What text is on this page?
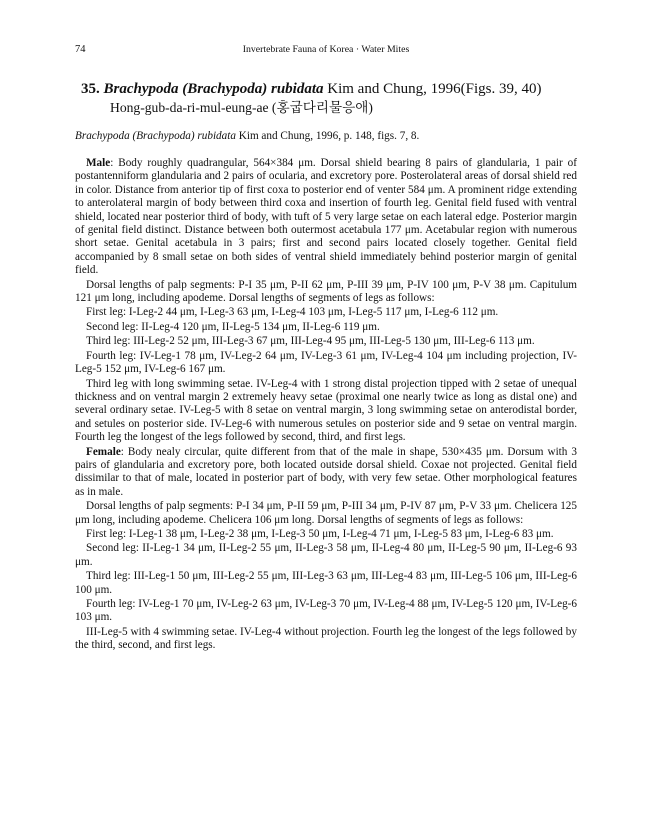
74	Invertebrate Fauna of Korea · Water Mites
35. Brachypoda (Brachypoda) rubidata Kim and Chung, 1996(Figs. 39, 40)
Hong-gub-da-ri-mul-eung-ae (홍굽다리물응애)
Brachypoda (Brachypoda) rubidata Kim and Chung, 1996, p. 148, figs. 7, 8.

Male: Body roughly quadrangular, 564×384 μm. Dorsal shield bearing 8 pairs of glandularia, 1 pair of postantenniform glandularia and 2 pairs of ocularia, and excretory pore. Posterolateral areas of dorsal shield red in color. Distance from anterior tip of first coxa to posterior end of venter 584 μm. A prominent ridge extending to anterolateral margin of body between third coxa and insertion of fourth leg. Genital field fused with ventral shield, located near posterior third of body, with tuft of 5 very large setae on each lateral edge. Posterior margin of genital field distinct. Distance between both outermost acetabula 177 μm. Acetabular region with numerous short setae. Genital acetabula in 3 pairs; first and second pairs located closely together. Genital field accompanied by 8 small setae on both sides of ventral shield immediately behind posterior margin of genital field.

Dorsal lengths of palp segments: P-I 35 μm, P-II 62 μm, P-III 39 μm, P-IV 100 μm, P-V 38 μm. Capitulum 121 μm long, including apodeme. Dorsal lengths of segments of legs as follows:

First leg: I-Leg-2 44 μm, I-Leg-3 63 μm, I-Leg-4 103 μm, I-Leg-5 117 μm, I-Leg-6 112 μm.

Second leg: II-Leg-4 120 μm, II-Leg-5 134 μm, II-Leg-6 119 μm.

Third leg: III-Leg-2 52 μm, III-Leg-3 67 μm, III-Leg-4 95 μm, III-Leg-5 130 μm, III-Leg-6 113 μm.

Fourth leg: IV-Leg-1 78 μm, IV-Leg-2 64 μm, IV-Leg-3 61 μm, IV-Leg-4 104 μm including projection, IV-Leg-5 152 μm, IV-Leg-6 167 μm.

Third leg with long swimming setae. IV-Leg-4 with 1 strong distal projection tipped with 2 setae of unequal thickness and on ventral margin 2 extremely heavy setae (proximal one nearly twice as long as distal one) and several ordinary setae. IV-Leg-5 with 8 setae on ventral margin, 3 long swimming setae on anterodistal border, and setules on posterior side. IV-Leg-6 with numerous setules on posterior side and 9 setae on ventral margin. Fourth leg the longest of the legs followed by second, third, and first legs.

Female: Body nealy circular, quite different from that of the male in shape, 530×435 μm. Dorsum with 3 pairs of glandularia and excretory pore, both located outside dorsal shield. Coxae not projected. Genital field dissimilar to that of male, located in posterior part of body, with very few setae. Other morphological features as in male.

Dorsal lengths of palp segments: P-I 34 μm, P-II 59 μm, P-III 34 μm, P-IV 87 μm, P-V 33 μm. Chelicera 125 μm long, including apodeme. Chelicera 106 μm long. Dorsal lengths of segments of legs as follows:

First leg: I-Leg-1 38 μm, I-Leg-2 38 μm, I-Leg-3 50 μm, I-Leg-4 71 μm, I-Leg-5 83 μm, I-Leg-6 83 μm.

Second leg: II-Leg-1 34 μm, II-Leg-2 55 μm, II-Leg-3 58 μm, II-Leg-4 80 μm, II-Leg-5 90 μm, II-Leg-6 93 μm.

Third leg: III-Leg-1 50 μm, III-Leg-2 55 μm, III-Leg-3 63 μm, III-Leg-4 83 μm, III-Leg-5 106 μm, III-Leg-6 100 μm.

Fourth leg: IV-Leg-1 70 μm, IV-Leg-2 63 μm, IV-Leg-3 70 μm, IV-Leg-4 88 μm, IV-Leg-5 120 μm, IV-Leg-6 103 μm.

III-Leg-5 with 4 swimming setae. IV-Leg-4 without projection. Fourth leg the longest of the legs followed by the third, second, and first legs.
